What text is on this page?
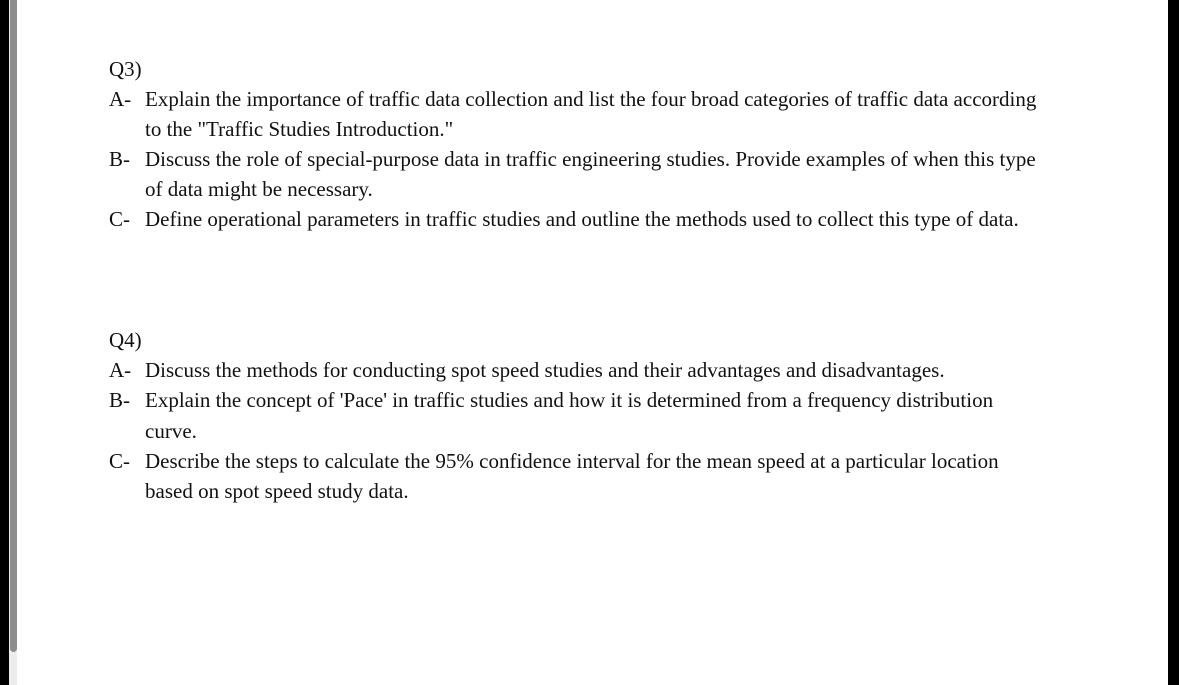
Q3)

A- Explain the importance of traffic data collection and list the four broad categories of traffic data according to the "Traffic Studies Introduction."
B- Discuss the role of special-purpose data in traffic engineering studies. Provide examples of when this type of data might be necessary.
C- Define operational parameters in traffic studies and outline the methods used to collect this type of data.

Q4)

A- Discuss the methods for conducting spot speed studies and their advantages and disadvantages.
B- Explain the concept of 'Pace' in traffic studies and how it is determined from a frequency distribution curve.
C- Describe the steps to calculate the 95% confidence interval for the mean speed at a particular location based on spot speed study data.
